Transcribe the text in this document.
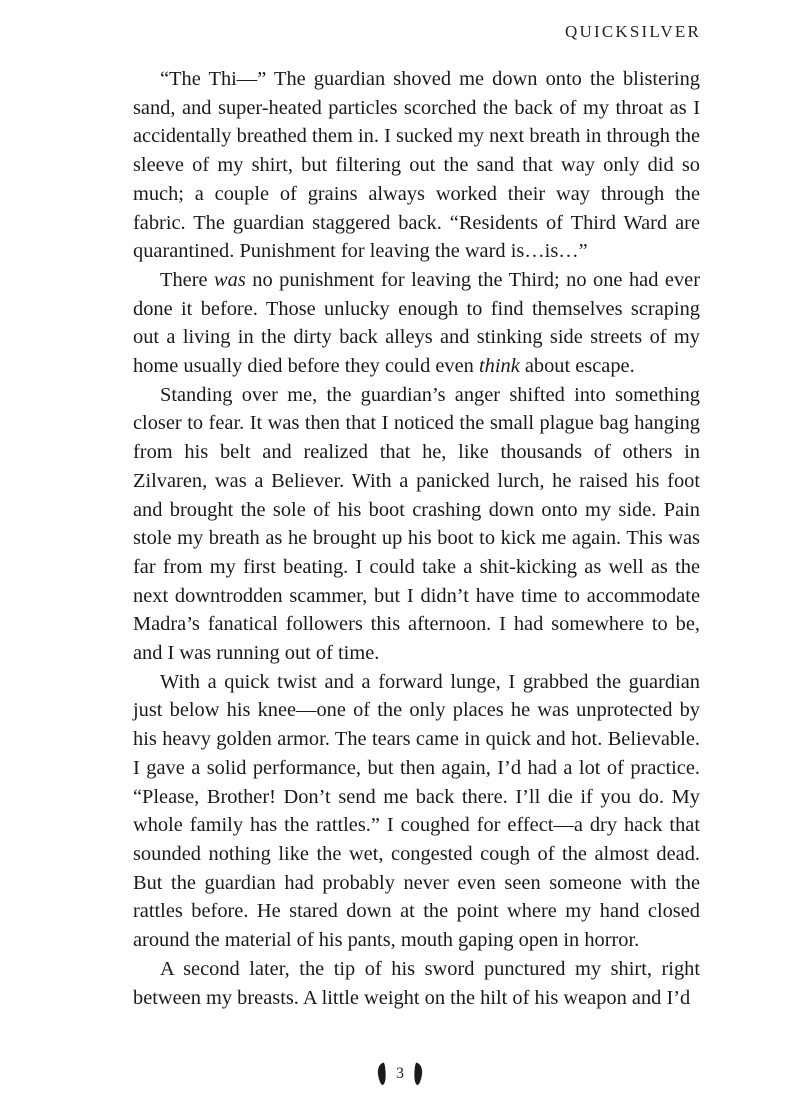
QUICKSILVER

“The Thi—” The guardian shoved me down onto the blistering sand, and super-heated particles scorched the back of my throat as I accidentally breathed them in. I sucked my next breath in through the sleeve of my shirt, but filtering out the sand that way only did so much; a couple of grains always worked their way through the fabric. The guardian staggered back. “Residents of Third Ward are quarantined. Punishment for leaving the ward is…is…”

There was no punishment for leaving the Third; no one had ever done it before. Those unlucky enough to find themselves scraping out a living in the dirty back alleys and stinking side streets of my home usually died before they could even think about escape.

Standing over me, the guardian’s anger shifted into something closer to fear. It was then that I noticed the small plague bag hanging from his belt and realized that he, like thousands of others in Zilvaren, was a Believer. With a panicked lurch, he raised his foot and brought the sole of his boot crashing down onto my side. Pain stole my breath as he brought up his boot to kick me again. This was far from my first beating. I could take a shit-kicking as well as the next downtrodden scammer, but I didn’t have time to accommodate Madra’s fanatical followers this afternoon. I had somewhere to be, and I was running out of time.

With a quick twist and a forward lunge, I grabbed the guardian just below his knee—one of the only places he was unprotected by his heavy golden armor. The tears came in quick and hot. Believable. I gave a solid performance, but then again, I’d had a lot of practice. “Please, Brother! Don’t send me back there. I’ll die if you do. My whole family has the rattles.” I coughed for effect—a dry hack that sounded nothing like the wet, congested cough of the almost dead. But the guardian had probably never even seen someone with the rattles before. He stared down at the point where my hand closed around the material of his pants, mouth gaping open in horror.

A second later, the tip of his sword punctured my shirt, right between my breasts. A little weight on the hilt of his weapon and I’d

3
